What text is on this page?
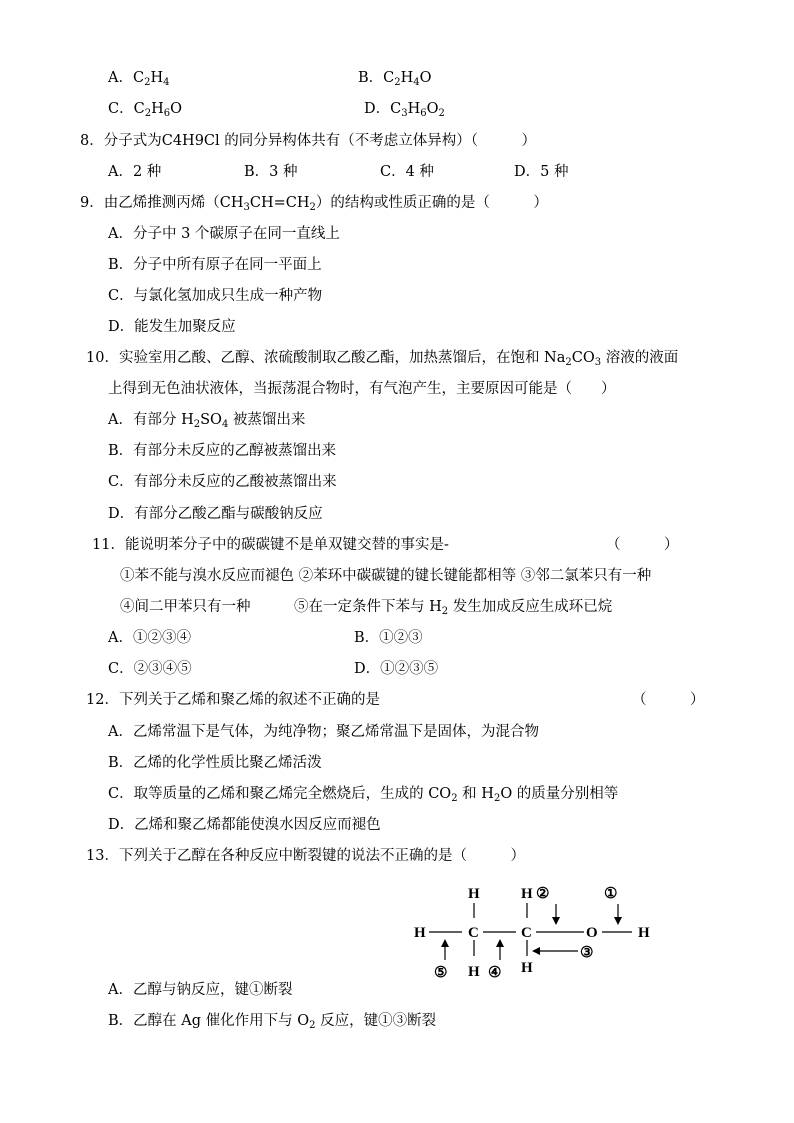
A．$C_2H_4$	B．$C_2H_4O$
C．$C_2H_6O$	D．$C_3H_6O_2$
8．分子式为C4H9Cl 的同分异构体共有（不考虑立体异构）（　　　）
A．2 种	B．3 种	C．4 种	D．5 种
9．由乙烯推测丙烯$(CH_3CH=CH_2)$的结构或性质正确的是（　　　）
A．分子中 3 个碳原子在同一直线上
B．分子中所有原子在同一平面上
C．与氯化氢加成只生成一种产物
D．能发生加聚反应
10．实验室用乙酸、乙醇、浓硫酸制取乙酸乙酯，加热蒸馏后，在饱和 $Na_2CO_3$ 溶液的液面
上得到无色油状液体，当振荡混合物时，有气泡产生，主要原因可能是（　　）
A．有部分 $H_2SO_4$ 被蒸馏出来
B．有部分未反应的乙醇被蒸馏出来
C．有部分未反应的乙酸被蒸馏出来
D．有部分乙酸乙酯与碳酸钠反应
11．能说明苯分子中的碳碳键不是单双键交替的事实是-	（　　　）
①苯不能与溴水反应而褪色 ②苯环中碳碳键的键长键能都相等 ③邻二氯苯只有一种
④间二甲苯只有一种　　　⑤在一定条件下苯与 $H_2$ 发生加成反应生成环已烷
A．①②③④	B．①②③
C．②③④⑤	D．①②③⑤
12．下列关于乙烯和聚乙烯的叙述不正确的是	（　　　）
A．乙烯常温下是气体，为纯净物；聚乙烯常温下是固体，为混合物
B．乙烯的化学性质比聚乙烯活泼
C．取等质量的乙烯和聚乙烯完全燃烧后，生成的 $CO_2$ 和 $H_2O$ 的质量分别相等
D．乙烯和聚乙烯都能使溴水因反应而褪色
13．下列关于乙醇在各种反应中断裂键的说法不正确的是（　　　）
H	H ②	①
H	C	C	O	H
③
⑤ H ④ H
A．乙醇与钠反应，键①断裂
B．乙醇在 Ag 催化作用下与 $O_2$ 反应，键①③断裂
